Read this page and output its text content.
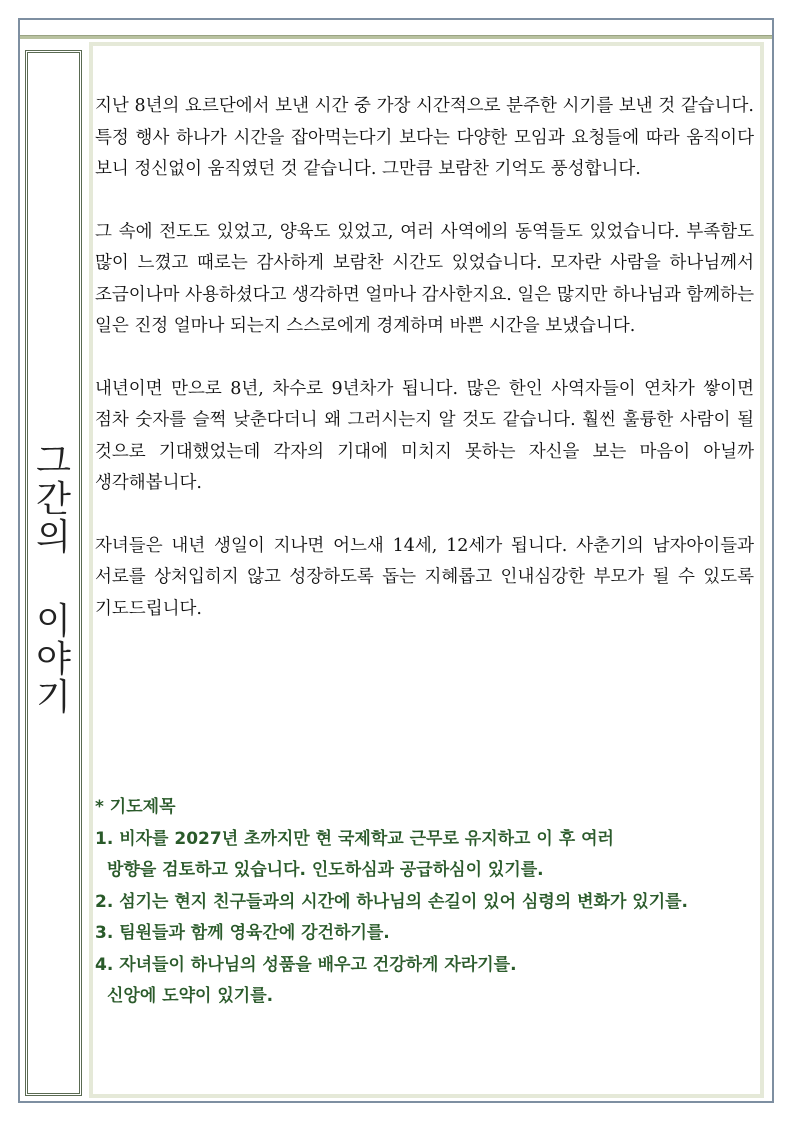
그
간
의
이
야
기

지난 8년의 요르단에서 보낸 시간 중 가장 시간적으로 분주한 시기를 보낸 것 같습니다. 특정 행사 하나가 시간을 잡아먹는다기 보다는 다양한 모임과 요청들에 따라 움직이다 보니 정신없이 움직였던 것 같습니다. 그만큼 보람찬 기억도 풍성합니다.

그 속에 전도도 있었고, 양육도 있었고, 여러 사역에의 동역들도 있었습니다. 부족함도 많이 느꼈고 때로는 감사하게 보람찬 시간도 있었습니다. 모자란 사람을 하나님께서 조금이나마 사용하셨다고 생각하면 얼마나 감사한지요. 일은 많지만 하나님과 함께하는 일은 진정 얼마나 되는지 스스로에게 경계하며 바쁜 시간을 보냈습니다.

내년이면 만으로 8년, 차수로 9년차가 됩니다. 많은 한인 사역자들이 연차가 쌓이면 점차 숫자를 슬쩍 낮춘다더니 왜 그러시는지 알 것도 같습니다. 훨씬 훌륭한 사람이 될 것으로 기대했었는데 각자의 기대에 미치지 못하는 자신을 보는 마음이 아닐까 생각해봅니다.

자녀들은 내년 생일이 지나면 어느새 14세, 12세가 됩니다. 사춘기의 남자아이들과 서로를 상처입히지 않고 성장하도록 돕는 지혜롭고 인내심강한 부모가 될 수 있도록 기도드립니다.

* 기도제목

1. 비자를 2027년 초까지만 현 국제학교 근무로 유지하고 이 후 여러

방향을 검토하고 있습니다. 인도하심과 공급하심이 있기를.

2. 섬기는 현지 친구들과의 시간에 하나님의 손길이 있어 심령의 변화가 있기를.

3. 팀원들과 함께 영육간에 강건하기를.

4. 자녀들이 하나님의 성품을 배우고 건강하게 자라기를.

신앙에 도약이 있기를.
